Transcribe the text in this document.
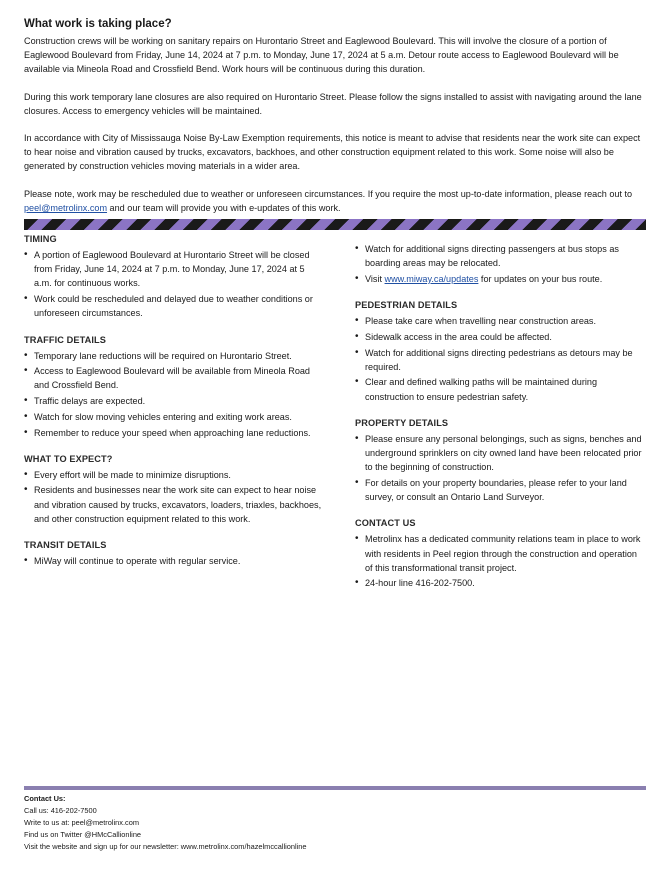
What work is taking place?

Construction crews will be working on sanitary repairs on Hurontario Street and Eaglewood Boulevard. This will involve the closure of a portion of Eaglewood Boulevard from Friday, June 14, 2024 at 7 p.m. to Monday, June 17, 2024 at 5 a.m. Detour route access to Eaglewood Boulevard will be available via Mineola Road and Crossfield Bend. Work hours will be continuous during this duration.

During this work temporary lane closures are also required on Hurontario Street. Please follow the signs installed to assist with navigating around the lane closures. Access to emergency vehicles will be maintained.

In accordance with City of Mississauga Noise By-Law Exemption requirements, this notice is meant to advise that residents near the work site can expect to hear noise and vibration caused by trucks, excavators, backhoes, and other construction equipment related to this work. Some noise will also be generated by construction vehicles moving materials in a wider area.

Please note, work may be rescheduled due to weather or unforeseen circumstances. If you require the most up-to-date information, please reach out to peel@metrolinx.com and our team will provide you with e-updates of this work.

TIMING
• A portion of Eaglewood Boulevard at Hurontario Street will be closed from Friday, June 14, 2024 at 7 p.m. to Monday, June 17, 2024 at 5 a.m. for continuous works.
• Work could be rescheduled and delayed due to weather conditions or unforeseen circumstances.
TRAFFIC DETAILS
• Temporary lane reductions will be required on Hurontario Street.
• Access to Eaglewood Boulevard will be available from Mineola Road and Crossfield Bend.
• Traffic delays are expected.
• Watch for slow moving vehicles entering and exiting work areas.
• Remember to reduce your speed when approaching lane reductions.
WHAT TO EXPECT?
• Every effort will be made to minimize disruptions.
• Residents and businesses near the work site can expect to hear noise and vibration caused by trucks, excavators, loaders, triaxles, backhoes, and other construction equipment related to this work.
TRANSIT DETAILS
• MiWay will continue to operate with regular service.
• Watch for additional signs directing passengers at bus stops as boarding areas may be relocated.
• Visit www.miway.ca/updates for updates on your bus route.
PEDESTRIAN DETAILS
• Please take care when travelling near construction areas.
• Sidewalk access in the area could be affected.
• Watch for additional signs directing pedestrians as detours may be required.
• Clear and defined walking paths will be maintained during construction to ensure pedestrian safety.
PROPERTY DETAILS
• Please ensure any personal belongings, such as signs, benches and underground sprinklers on city owned land have been relocated prior to the beginning of construction.
• For details on your property boundaries, please refer to your land survey, or consult an Ontario Land Surveyor.
CONTACT US
• Metrolinx has a dedicated community relations team in place to work with residents in Peel region through the construction and operation of this transformational transit project.
• 24-hour line 416-202-7500.
Contact Us:
Call us: 416-202-7500
Write to us at: peel@metrolinx.com
Find us on Twitter @HMcCallionline
Visit the website and sign up for our newsletter: www.metrolinx.com/hazelmccallionline
